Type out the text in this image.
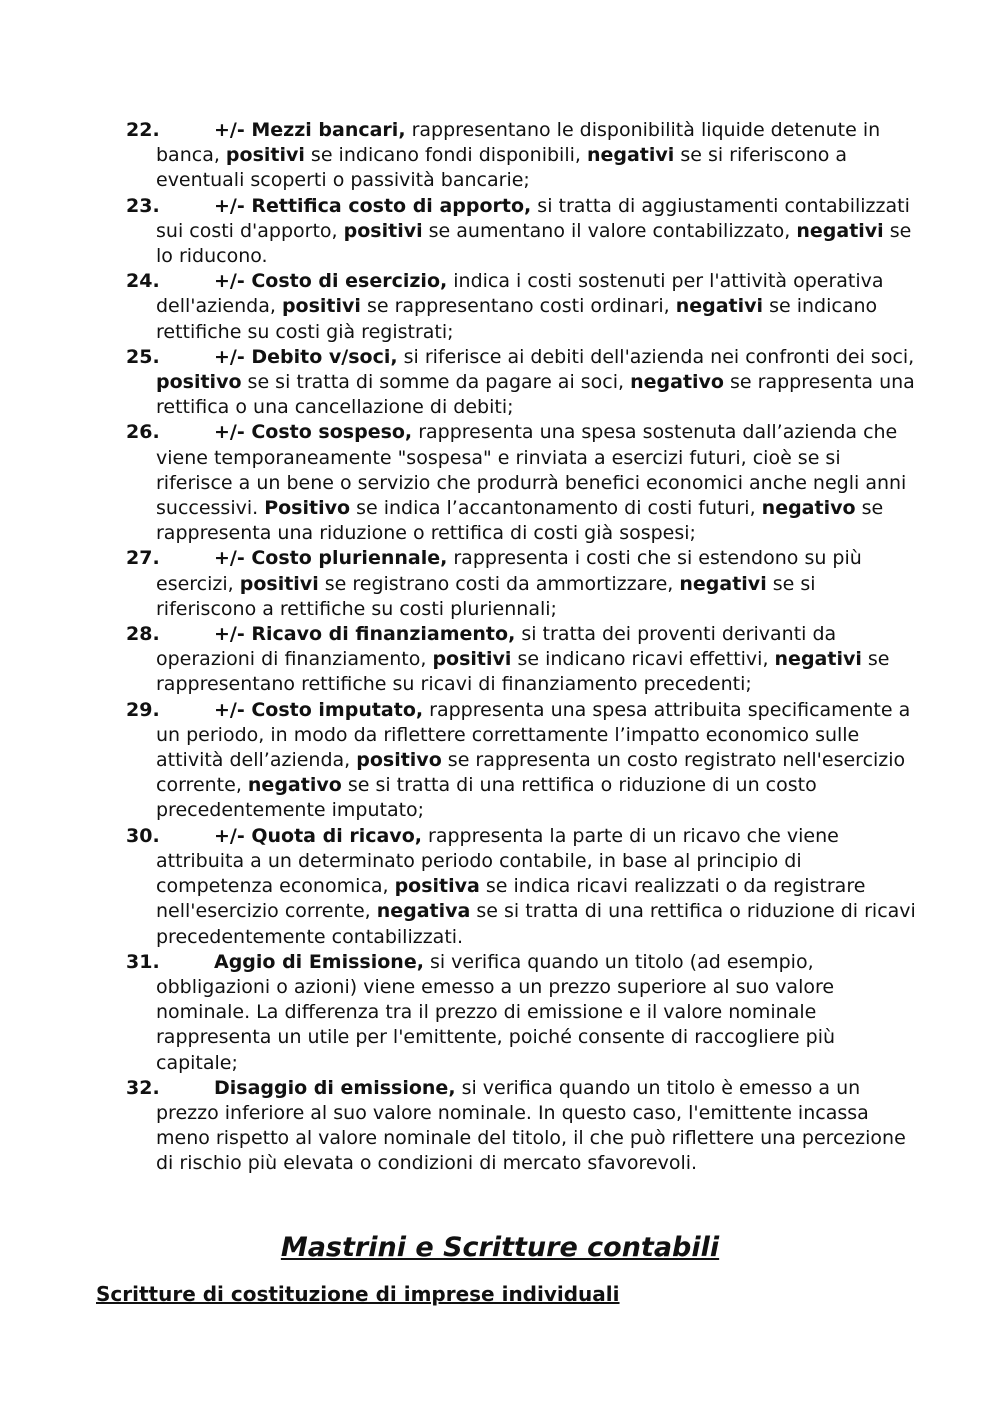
22.	+/- Mezzi bancari, rappresentano le disponibilità liquide detenute in banca, positivi se indicano fondi disponibili, negativi se si riferiscono a eventuali scoperti o passività bancarie;
23.	+/- Rettifica costo di apporto, si tratta di aggiustamenti contabilizzati sui costi d'apporto, positivi se aumentano il valore contabilizzato, negativi se lo riducono.
24.	+/- Costo di esercizio, indica i costi sostenuti per l'attività operativa dell'azienda, positivi se rappresentano costi ordinari, negativi se indicano rettifiche su costi già registrati;
25.	+/- Debito v/soci, si riferisce ai debiti dell'azienda nei confronti dei soci, positivo se si tratta di somme da pagare ai soci, negativo se rappresenta una rettifica o una cancellazione di debiti;
26.	+/- Costo sospeso, rappresenta una spesa sostenuta dall’azienda che viene temporaneamente "sospesa" e rinviata a esercizi futuri, cioè se si riferisce a un bene o servizio che produrrà benefici economici anche negli anni successivi. Positivo se indica l’accantonamento di costi futuri, negativo se rappresenta una riduzione o rettifica di costi già sospesi;
27.	+/- Costo pluriennale, rappresenta i costi che si estendono su più esercizi, positivi se registrano costi da ammortizzare, negativi se si riferiscono a rettifiche su costi pluriennali;
28.	+/- Ricavo di finanziamento, si tratta dei proventi derivanti da operazioni di finanziamento, positivi se indicano ricavi effettivi, negativi se rappresentano rettifiche su ricavi di finanziamento precedenti;
29.	+/- Costo imputato, rappresenta una spesa attribuita specificamente a un periodo, in modo da riflettere correttamente l’impatto economico sulle attività dell’azienda, positivo se rappresenta un costo registrato nell'esercizio corrente, negativo se si tratta di una rettifica o riduzione di un costo precedentemente imputato;
30.	+/- Quota di ricavo, rappresenta la parte di un ricavo che viene attribuita a un determinato periodo contabile, in base al principio di competenza economica, positiva se indica ricavi realizzati o da registrare nell'esercizio corrente, negativa se si tratta di una rettifica o riduzione di ricavi precedentemente contabilizzati.
31.	Aggio di Emissione, si verifica quando un titolo (ad esempio, obbligazioni o azioni) viene emesso a un prezzo superiore al suo valore nominale. La differenza tra il prezzo di emissione e il valore nominale rappresenta un utile per l'emittente, poiché consente di raccogliere più capitale;
32.	Disaggio di emissione, si verifica quando un titolo è emesso a un prezzo inferiore al suo valore nominale. In questo caso, l'emittente incassa meno rispetto al valore nominale del titolo, il che può riflettere una percezione di rischio più elevata o condizioni di mercato sfavorevoli.
Mastrini e Scritture contabili
Scritture di costituzione di imprese individuali
